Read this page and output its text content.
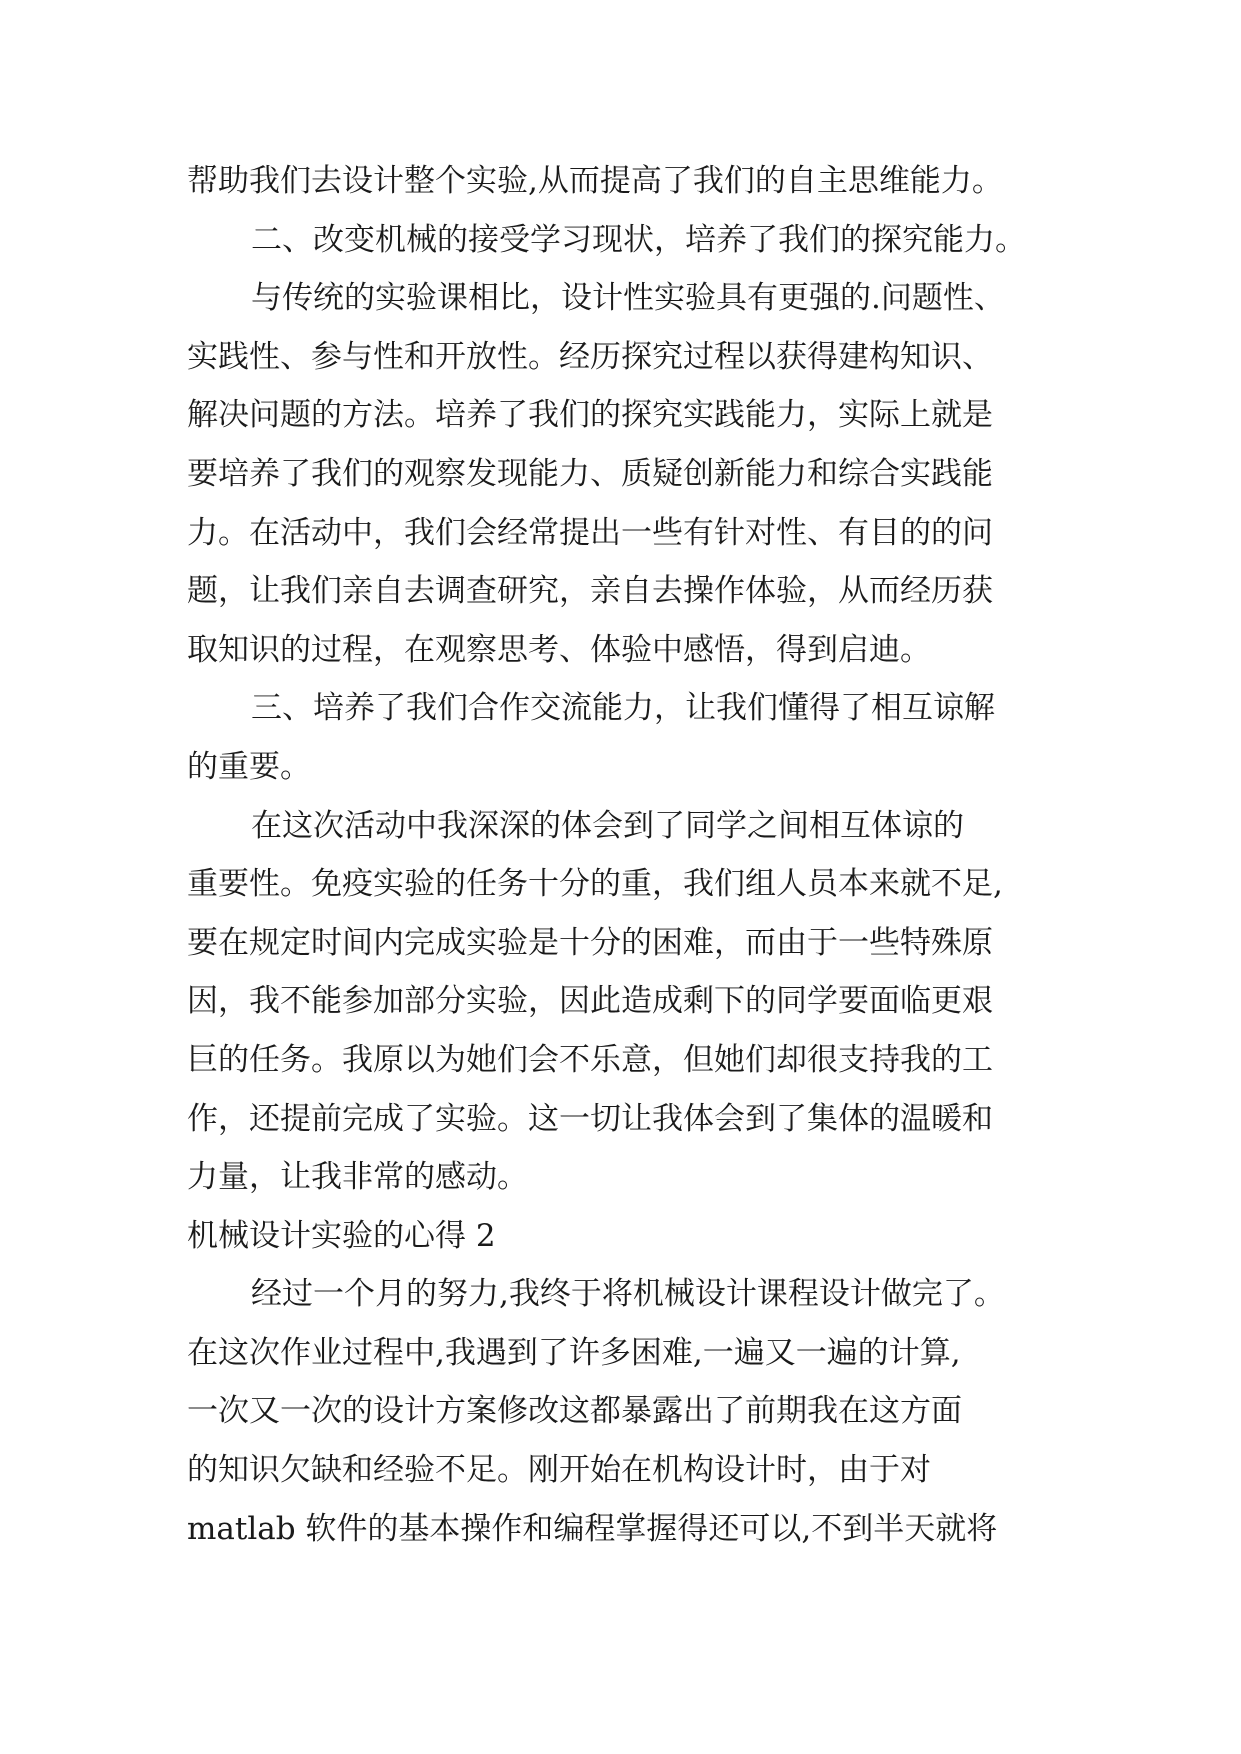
帮助我们去设计整个实验,从而提高了我们的自主思维能力。
二、改变机械的接受学习现状，培养了我们的探究能力。
与传统的实验课相比，设计性实验具有更强的.问题性、
实践性、参与性和开放性。经历探究过程以获得建构知识、
解决问题的方法。培养了我们的探究实践能力，实际上就是
要培养了我们的观察发现能力、质疑创新能力和综合实践能
力。在活动中，我们会经常提出一些有针对性、有目的的问
题，让我们亲自去调查研究，亲自去操作体验，从而经历获
取知识的过程，在观察思考、体验中感悟，得到启迪。
三、培养了我们合作交流能力，让我们懂得了相互谅解
的重要。
在这次活动中我深深的体会到了同学之间相互体谅的
重要性。免疫实验的任务十分的重，我们组人员本来就不足,
要在规定时间内完成实验是十分的困难，而由于一些特殊原
因，我不能参加部分实验，因此造成剩下的同学要面临更艰
巨的任务。我原以为她们会不乐意，但她们却很支持我的工
作，还提前完成了实验。这一切让我体会到了集体的温暖和
力量，让我非常的感动。
机械设计实验的心得 2
经过一个月的努力,我终于将机械设计课程设计做完了。
在这次作业过程中,我遇到了许多困难,一遍又一遍的计算,
一次又一次的设计方案修改这都暴露出了前期我在这方面
的知识欠缺和经验不足。刚开始在机构设计时，由于对
matlab 软件的基本操作和编程掌握得还可以,不到半天就将
